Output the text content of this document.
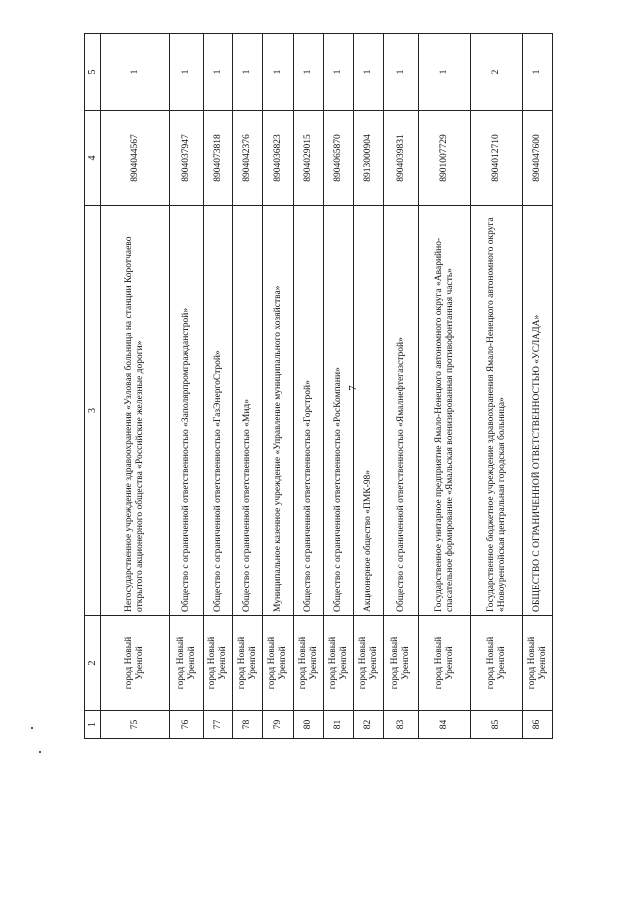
7
1	2	3	4	5
75	город Новый Уренгой	Негосударственное учреждение здравоохранения «Узловая больница на станции Коротчаево открытого акционерного общества «Российские железные дороги»	8904044567	1
76	город Новый Уренгой	Общество с ограниченной ответственностью «Заполярпромгражданстрой»	8904037947	1
77	город Новый Уренгой	Общество с ограниченной ответственностью «ГазЭнергоСтрой»	8904073818	1
78	город Новый Уренгой	Общество с ограниченной ответственностью «Мид»	8904042376	1
79	город Новый Уренгой	Муниципальное казенное учреждение «Управление муниципального хозяйства»	8904036823	1
80	город Новый Уренгой	Общество с ограниченной ответственностью «Горстрой»	8904029015	1
81	город Новый Уренгой	Общество с ограниченной ответственностью «РосКомпани»	8904065870	1
82	город Новый Уренгой	Акционерное общество «ПМК-98»	8913000904	1
83	город Новый Уренгой	Общество с ограниченной ответственностью «Ямалнефтегазстрой»	8904039831	1
84	город Новый Уренгой	Государственное унитарное предприятие Ямало-Ненецкого автономного округа «Аварийно-спасательное формирование «Ямальская военизированная противофонтанная часть»	8901007729	1
85	город Новый Уренгой	Государственное бюджетное учреждение здравоохранения Ямало-Ненецкого автономного округа «Новоуренгойская центральная городская больница»	8904012710	2
86	город Новый Уренгой	ОБЩЕСТВО С ОГРАНИЧЕННОЙ ОТВЕТСТВЕННОСТЬЮ «УСЛАДА»	8904047600	1
